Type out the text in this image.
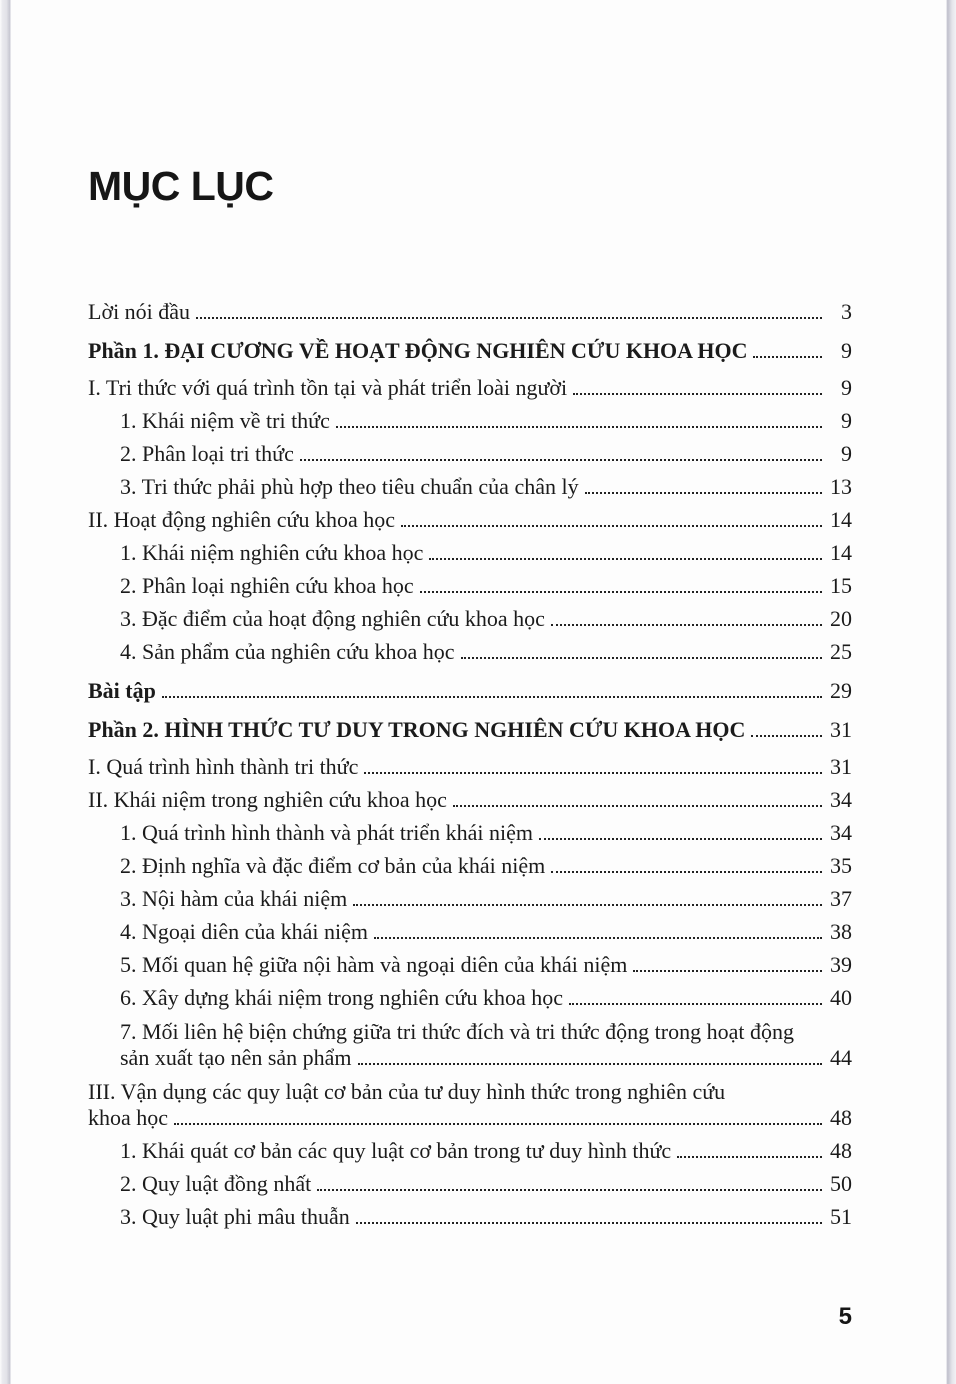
MỤC LỤC
Lời nói đầu	3
Phần 1. ĐẠI CƯƠNG VỀ HOẠT ĐỘNG NGHIÊN CỨU KHOA HỌC	9
I. Tri thức với quá trình tồn tại và phát triển loài người	9
1. Khái niệm về tri thức	9
2. Phân loại tri thức	9
3. Tri thức phải phù hợp theo tiêu chuẩn của chân lý	13
II. Hoạt động nghiên cứu khoa học	14
1. Khái niệm nghiên cứu khoa học	14
2. Phân loại nghiên cứu khoa học	15
3. Đặc điểm của hoạt động nghiên cứu khoa học	20
4. Sản phẩm của nghiên cứu khoa học	25
Bài tập	29
Phần 2. HÌNH THỨC TƯ DUY TRONG NGHIÊN CỨU KHOA HỌC	31
I. Quá trình hình thành tri thức	31
II. Khái niệm trong nghiên cứu khoa học	34
1. Quá trình hình thành và phát triển khái niệm	34
2. Định nghĩa và đặc điểm cơ bản của khái niệm	35
3. Nội hàm của khái niệm	37
4. Ngoại diên của khái niệm	38
5. Mối quan hệ giữa nội hàm và ngoại diên của khái niệm	39
6. Xây dựng khái niệm trong nghiên cứu khoa học	40
7. Mối liên hệ biện chứng giữa tri thức đích và tri thức động trong hoạt động
sản xuất tạo nên sản phẩm	44
III. Vận dụng các quy luật cơ bản của tư duy hình thức trong nghiên cứu
khoa học	48
1. Khái quát cơ bản các quy luật cơ bản trong tư duy hình thức	48
2. Quy luật đồng nhất	50
3. Quy luật phi mâu thuẫn	51
5
